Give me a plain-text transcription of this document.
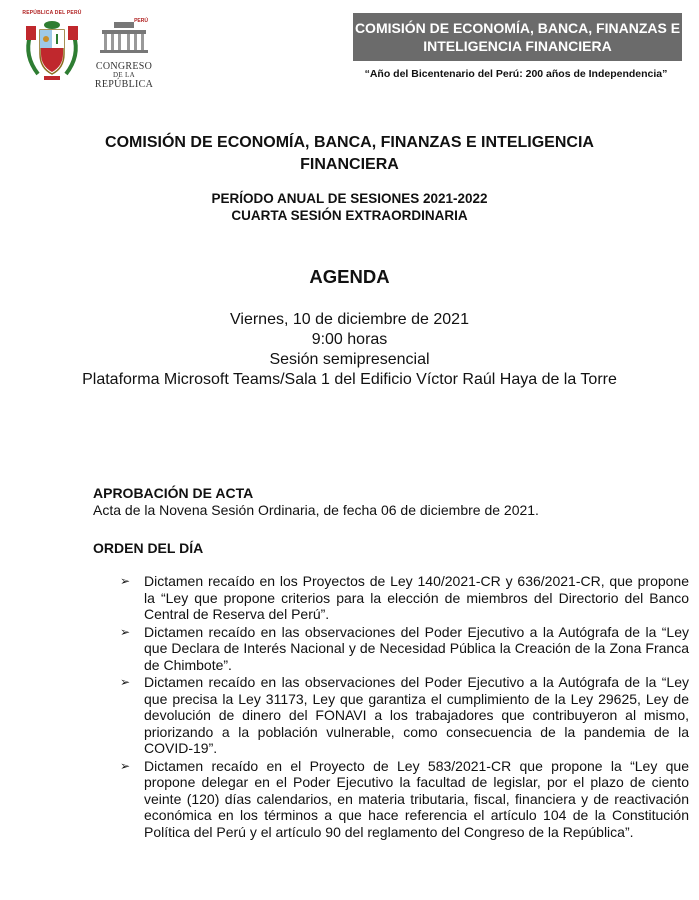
REPÚBLICA DEL PERÚ
PERÚ
CONGRESO
DE LA
REPÚBLICA
COMISIÓN DE ECONOMÍA, BANCA, FINANZAS E
INTELIGENCIA FINANCIERA
“Año del Bicentenario del Perú: 200 años de Independencia”
COMISIÓN DE ECONOMÍA, BANCA, FINANZAS E INTELIGENCIA
FINANCIERA
PERÍODO ANUAL DE SESIONES 2021-2022
CUARTA SESIÓN EXTRAORDINARIA
AGENDA
Viernes, 10 de diciembre de 2021
9:00 horas
Sesión semipresencial
Plataforma Microsoft Teams/Sala 1 del Edificio Víctor Raúl Haya de la Torre
APROBACIÓN DE ACTA
Acta de la Novena Sesión Ordinaria, de fecha 06 de diciembre de 2021.
ORDEN DEL DÍA
➢ Dictamen recaído en los Proyectos de Ley 140/2021-CR y 636/2021-CR, que propone la “Ley que propone criterios para la elección de miembros del Directorio del Banco Central de Reserva del Perú”.
➢ Dictamen recaído en las observaciones del Poder Ejecutivo a la Autógrafa de la “Ley que Declara de Interés Nacional y de Necesidad Pública la Creación de la Zona Franca de Chimbote”.
➢ Dictamen recaído en las observaciones del Poder Ejecutivo a la Autógrafa de la “Ley que precisa la Ley 31173, Ley que garantiza el cumplimiento de la Ley 29625, Ley de devolución de dinero del FONAVI a los trabajadores que contribuyeron al mismo, priorizando a la población vulnerable, como consecuencia de la pandemia de la COVID-19”.
➢ Dictamen recaído en el Proyecto de Ley 583/2021-CR que propone la “Ley que propone delegar en el Poder Ejecutivo la facultad de legislar, por el plazo de ciento veinte (120) días calendarios, en materia tributaria, fiscal, financiera y de reactivación económica en los términos a que hace referencia el artículo 104 de la Constitución Política del Perú y el artículo 90 del reglamento del Congreso de la República”.
